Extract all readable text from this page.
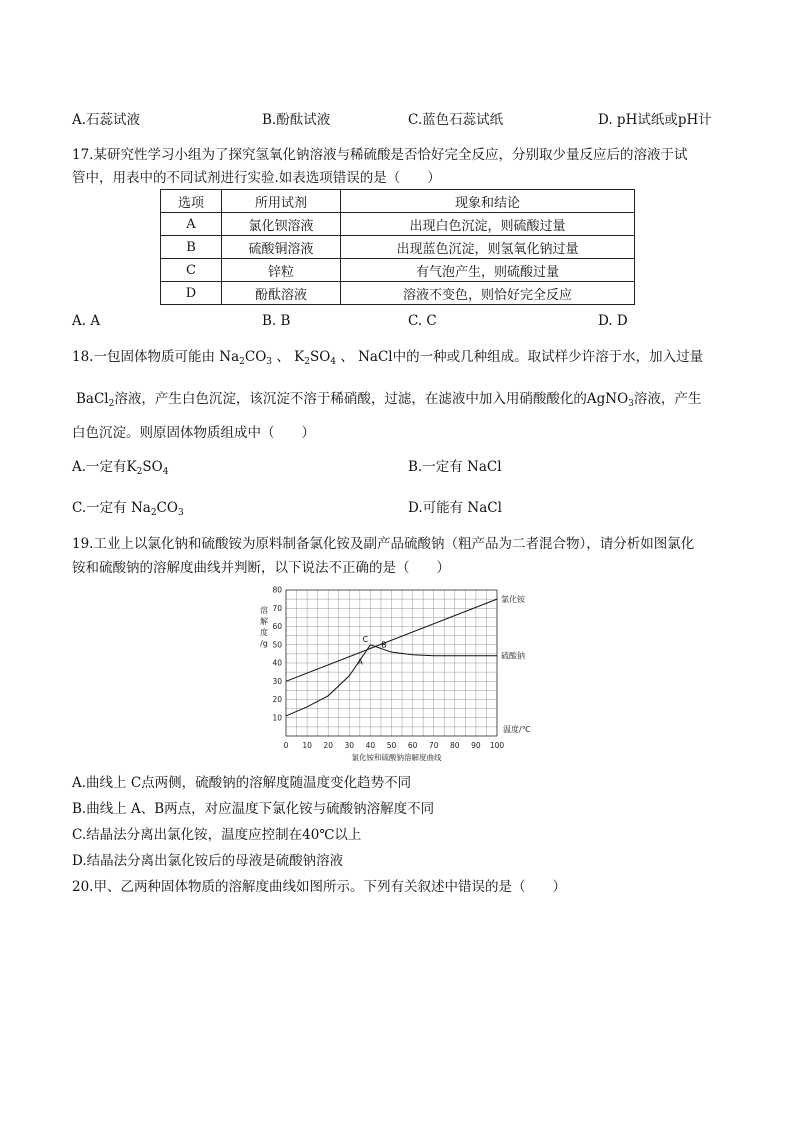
A.石蕊试液	B.酚酞试液	C.蓝色石蕊试纸	D. pH试纸或pH计
17.某研究性学习小组为了探究氢氧化钠溶液与稀硫酸是否恰好完全反应，分别取少量反应后的溶液于试
管中，用表中的不同试剂进行实验.如表选项错误的是（　　）
选项	所用试剂	现象和结论
A	氯化钡溶液	出现白色沉淀，则硫酸过量
B	硫酸铜溶液	出现蓝色沉淀，则氢氧化钠过量
C	锌粒	有气泡产生，则硫酸过量
D	酚酞溶液	溶液不变色，则恰好完全反应
A. A	B. B	C. C	D. D
18.一包固体物质可能由 $Na_2CO_3$ 、 $K_2SO_4$ 、 NaCl中的一种或几种组成。取试样少许溶于水，加入过量
BaCl$_2$溶液，产生白色沉淀，该沉淀不溶于稀硝酸，过滤，在滤液中加入用硝酸酸化的AgNO$_3$溶液，产生
白色沉淀。则原固体物质组成中（　　）
A.一定有$K_2SO_4$	B.一定有 NaCl
C.一定有 $Na_2CO_3$	D.可能有 NaCl
19.工业上以氯化钠和硫酸铵为原料制备氯化铵及副产品硫酸钠（粗产品为二者混合物），请分析如图氯化
铵和硫酸钠的溶解度曲线并判断，以下说法不正确的是（　　）
0 10 20 30 40 50 60 70 80 90 100
10
20
30
40
50
60
70
80
溶
解
度
/g
温度/℃
氯化铵
硫酸钠
A
B
C
氯化铵和硫酸钠溶解度曲线
A.曲线上 C点两侧，硫酸钠的溶解度随温度变化趋势不同
B.曲线上 A、B两点，对应温度下氯化铵与硫酸钠溶解度不同
C.结晶法分离出氯化铵，温度应控制在40℃以上
D.结晶法分离出氯化铵后的母液是硫酸钠溶液
20.甲、乙两种固体物质的溶解度曲线如图所示。下列有关叙述中错误的是（　　）
